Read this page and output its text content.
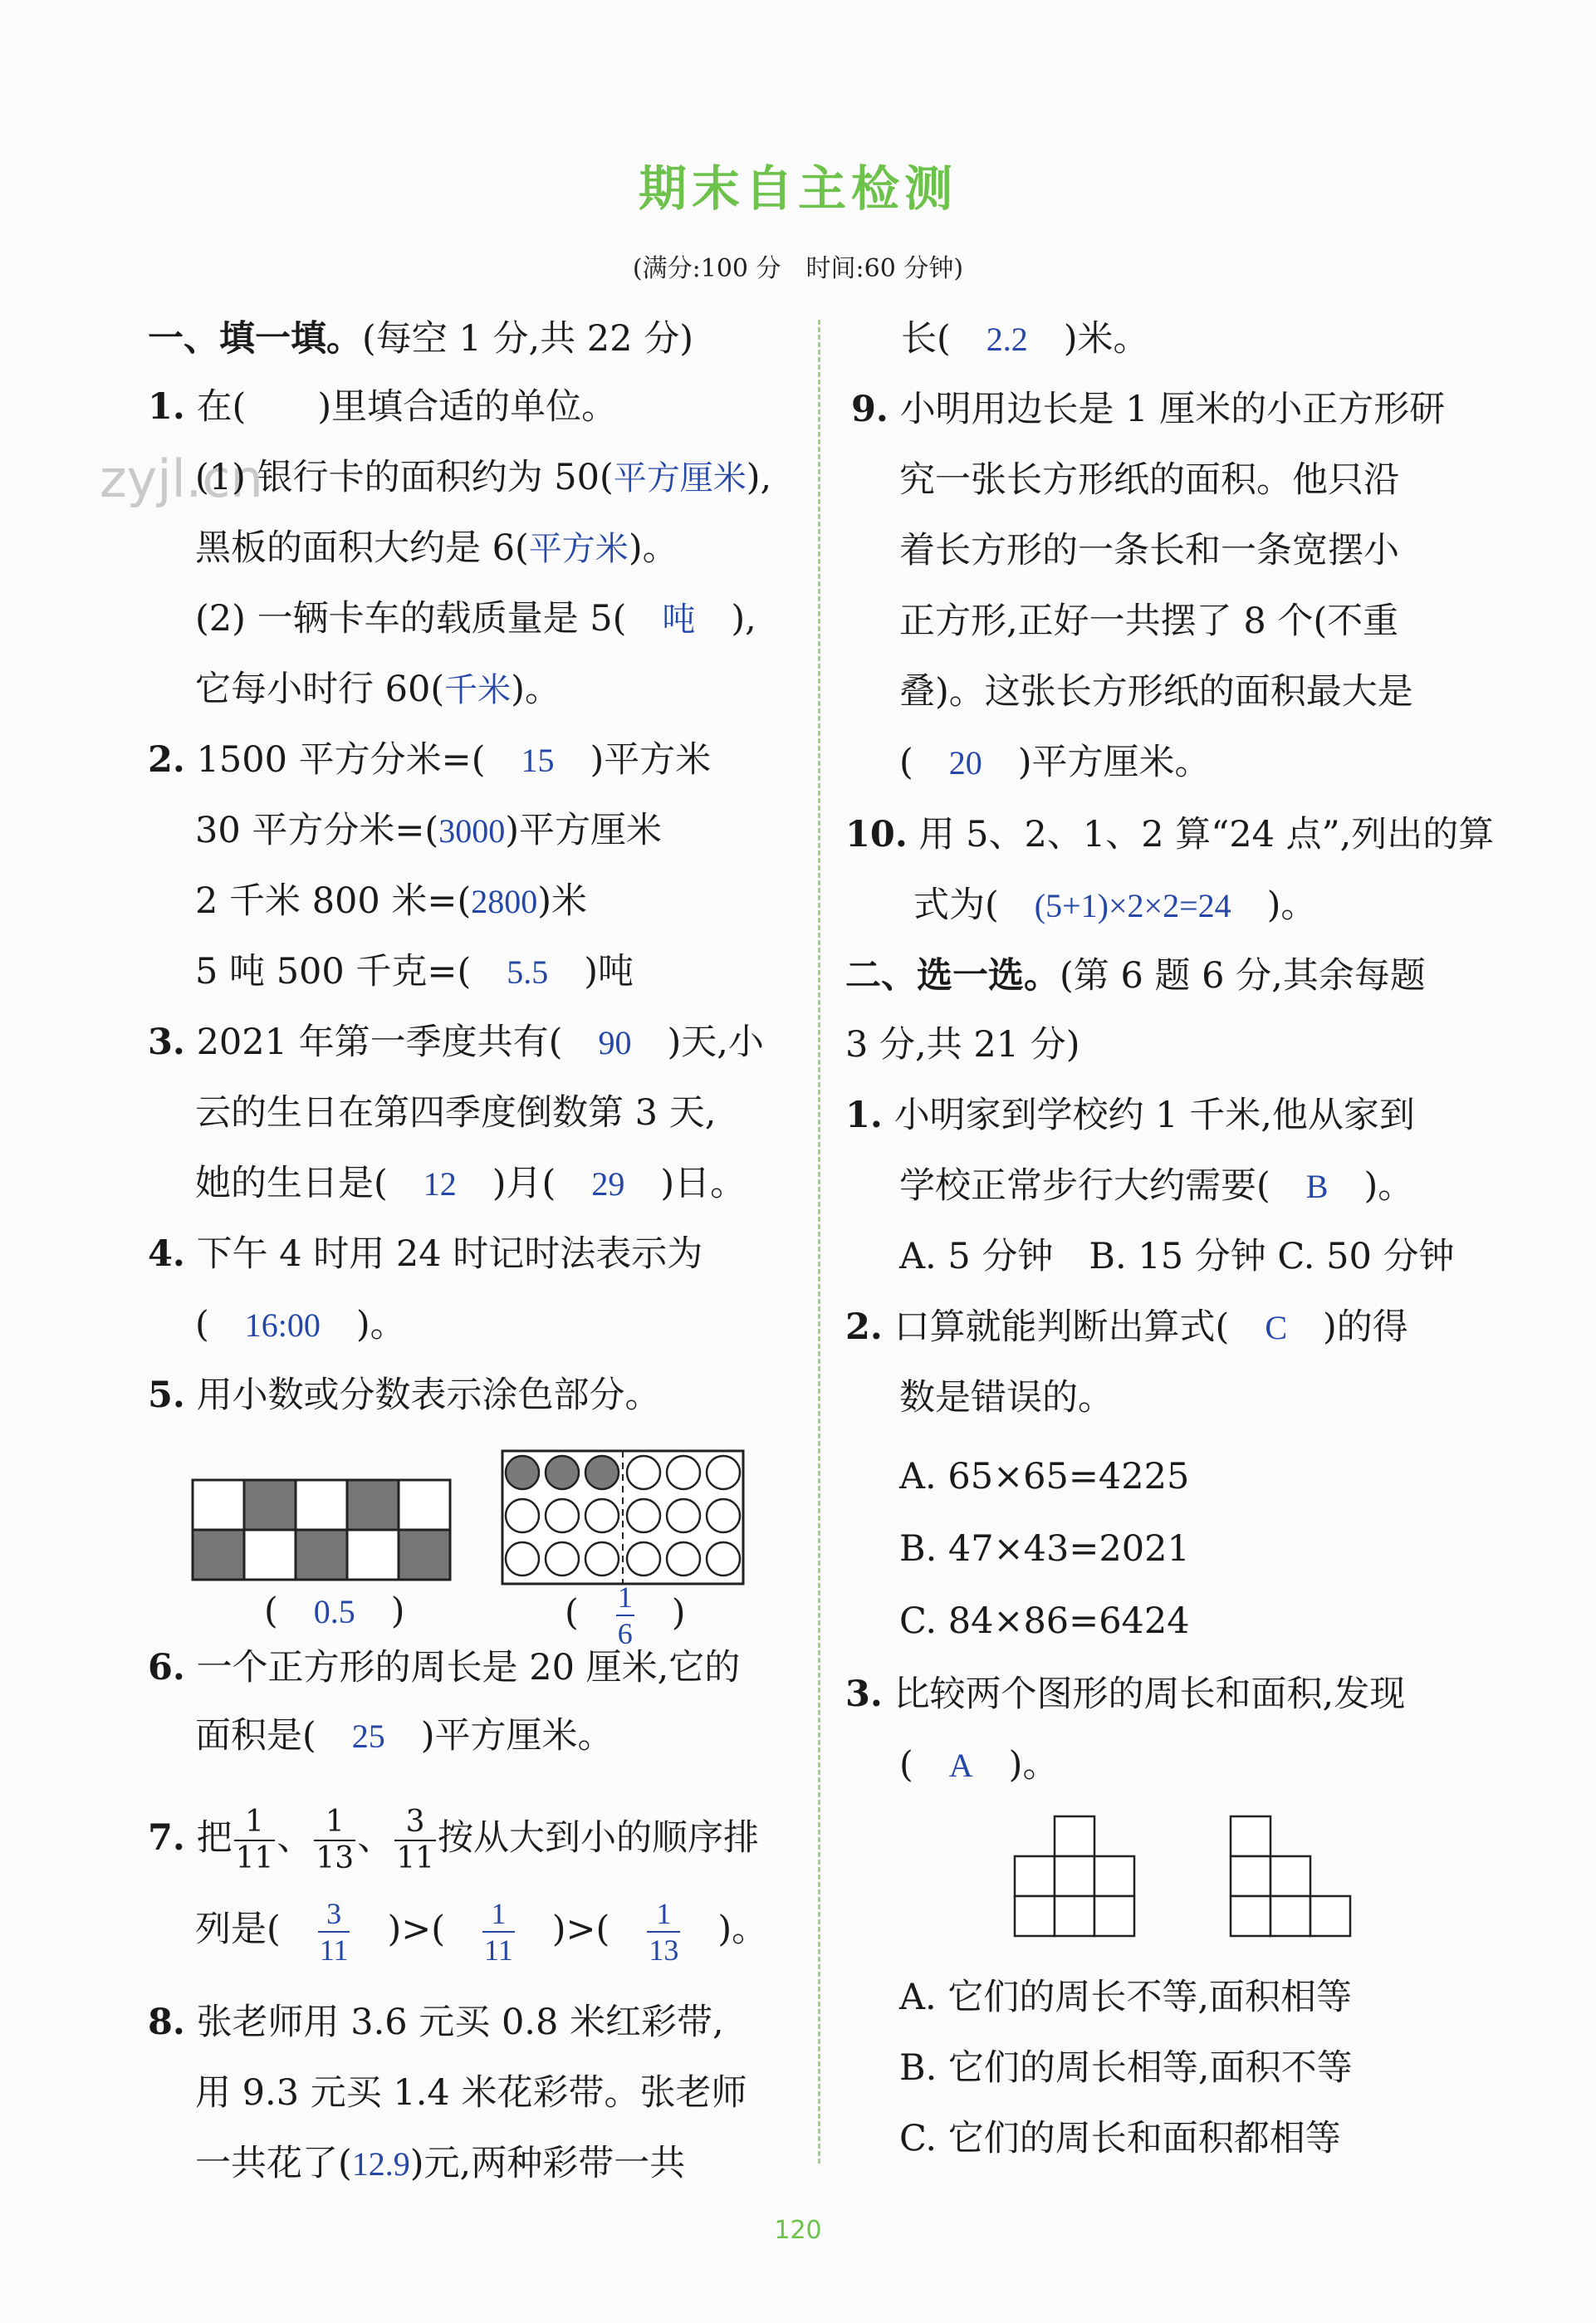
期末自主检测
(满分:100 分　时间:60 分钟)
zyjl.cn
一、填一填。(每空 1 分,共 22 分)
1. 在(　　)里填合适的单位。
(1) 银行卡的面积约为 50(平方厘米),
黑板的面积大约是 6(平方米)。
(2) 一辆卡车的载质量是 5(　 吨　 ),
它每小时行 60(千米)。
2. 1500 平方分米=(　 15　 )平方米
30 平方分米=(3000)平方厘米
2 千米 800 米=(2800)米
5 吨 500 千克=(　 5.5　 )吨
3. 2021 年第一季度共有(　 90　 )天,小
云的生日在第四季度倒数第 3 天,
她的生日是(　 12　 )月(　 29　 )日。
4. 下午 4 时用 24 时记时法表示为
(　 16:00　 )。
5. 用小数或分数表示涂色部分。
(　 0.5　 )	(　 $\frac{1}{6}$
　 )
6. 一个正方形的周长是 20 厘米,它的
面积是(　 25　 )平方厘米。
7. 把 $\frac{1}{11}$ 、 $\frac{1}{13}$ 、 $\frac{3}{11}$ 按从大到小的顺序排
列是(　 $\frac{3}{11}$
　 )>(　 $\frac{1}{11}$
　 )>(　 $\frac{1}{13}$
　 )。
8. 张老师用 3.6 元买 0.8 米红彩带,
用 9.3 元买 1.4 米花彩带。张老师
一共花了(12.9)元,两种彩带一共
长(　 2.2　 )米。
9. 小明用边长是 1 厘米的小正方形研
究一张长方形纸的面积。他只沿
着长方形的一条长和一条宽摆小
正方形,正好一共摆了 8 个(不重
叠)。这张长方形纸的面积最大是
(　 20　 )平方厘米。
10. 用 5、2、1、2 算“24 点”,列出的算
式为(　 (5+1)×2×2=24　 )。
二、选一选。(第 6 题 6 分,其余每题
3 分,共 21 分)
1. 小明家到学校约 1 千米,他从家到
学校正常步行大约需要(　 B　 )。
A. 5 分钟　B. 15 分钟 C. 50 分钟
2. 口算就能判断出算式(　 C　 )的得
数是错误的。
A. 65×65=4225
B. 47×43=2021
C. 84×86=6424
3. 比较两个图形的周长和面积,发现
(　 A　 )。
A. 它们的周长不等,面积相等
B. 它们的周长相等,面积不等
C. 它们的周长和面积都相等
120
